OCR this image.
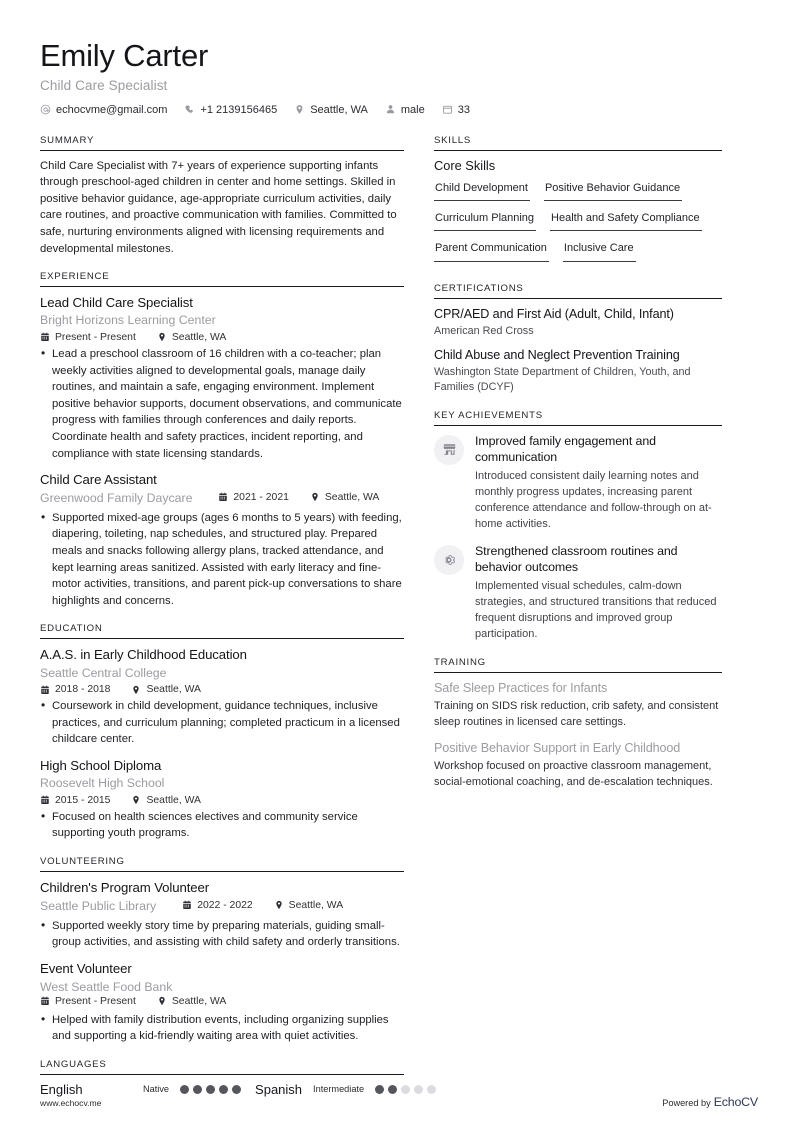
Emily Carter
Child Care Specialist
echocvme@gmail.com	+1 2139156465	Seattle, WA	male	33
SUMMARY
Child Care Specialist with 7+ years of experience supporting infants through preschool-aged children in center and home settings. Skilled in positive behavior guidance, age-appropriate curriculum activities, daily care routines, and proactive communication with families. Committed to safe, nurturing environments aligned with licensing requirements and developmental milestones.
EXPERIENCE
Lead Child Care Specialist
Bright Horizons Learning Center
Present - Present	Seattle, WA
• Lead a preschool classroom of 16 children with a co-teacher; plan weekly activities aligned to developmental goals, manage daily routines, and maintain a safe, engaging environment. Implement positive behavior supports, document observations, and communicate progress with families through conferences and daily reports. Coordinate health and safety practices, incident reporting, and compliance with state licensing standards.
Child Care Assistant
Greenwood Family Daycare	2021 - 2021	Seattle, WA
• Supported mixed-age groups (ages 6 months to 5 years) with feeding, diapering, toileting, nap schedules, and structured play. Prepared meals and snacks following allergy plans, tracked attendance, and kept learning areas sanitized. Assisted with early literacy and fine-motor activities, transitions, and parent pick-up conversations to share highlights and concerns.
EDUCATION
A.A.S. in Early Childhood Education
Seattle Central College
2018 - 2018	Seattle, WA
• Coursework in child development, guidance techniques, inclusive practices, and curriculum planning; completed practicum in a licensed childcare center.
High School Diploma
Roosevelt High School
2015 - 2015	Seattle, WA
• Focused on health sciences electives and community service supporting youth programs.
VOLUNTEERING
Children's Program Volunteer
Seattle Public Library	2022 - 2022	Seattle, WA
• Supported weekly story time by preparing materials, guiding small-group activities, and assisting with child safety and orderly transitions.
Event Volunteer
West Seattle Food Bank
Present - Present	Seattle, WA
• Helped with family distribution events, including organizing supplies and supporting a kid-friendly waiting area with quiet activities.
LANGUAGES
English	Native	Spanish Intermediate
SKILLS
Core Skills
Child Development Positive Behavior Guidance
Curriculum Planning Health and Safety Compliance
Parent Communication Inclusive Care
CERTIFICATIONS
CPR/AED and First Aid (Adult, Child, Infant)
American Red Cross
Child Abuse and Neglect Prevention Training
Washington State Department of Children, Youth, and Families (DCYF)
KEY ACHIEVEMENTS
Improved family engagement and communication
Introduced consistent daily learning notes and monthly progress updates, increasing parent conference attendance and follow-through on at-home activities.
Strengthened classroom routines and behavior outcomes
Implemented visual schedules, calm-down strategies, and structured transitions that reduced frequent disruptions and improved group participation.
TRAINING
Safe Sleep Practices for Infants
Training on SIDS risk reduction, crib safety, and consistent sleep routines in licensed care settings.
Positive Behavior Support in Early Childhood
Workshop focused on proactive classroom management, social-emotional coaching, and de-escalation techniques.
www.echocv.me	Powered by EchoCV
